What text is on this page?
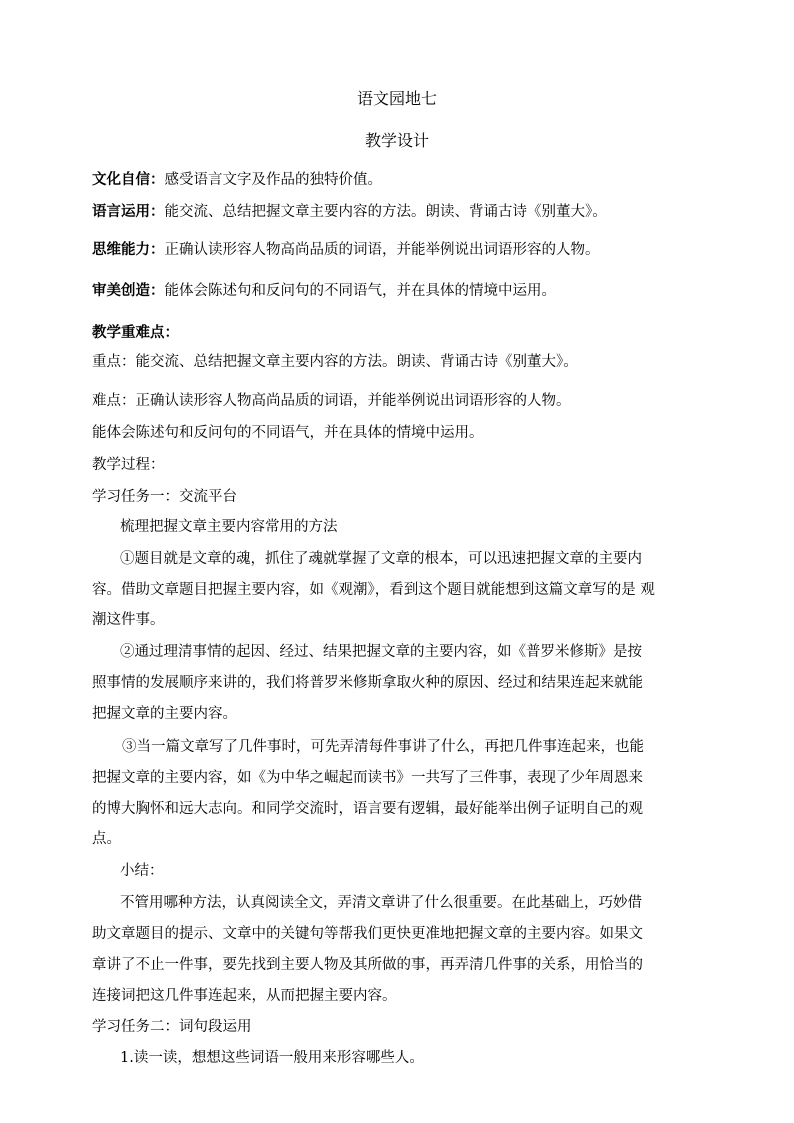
语文园地七
教学设计
文化自信：感受语言文字及作品的独特价值。
语言运用：能交流、总结把握文章主要内容的方法。朗读、背诵古诗《别董大》。
思维能力：正确认读形容人物高尚品质的词语，并能举例说出词语形容的人物。
审美创造：能体会陈述句和反问句的不同语气，并在具体的情境中运用。
教学重难点：
重点：能交流、总结把握文章主要内容的方法。朗读、背诵古诗《别董大》。
难点：正确认读形容人物高尚品质的词语，并能举例说出词语形容的人物。
能体会陈述句和反问句的不同语气，并在具体的情境中运用。
教学过程：
学习任务一：交流平台
梳理把握文章主要内容常用的方法
①题目就是文章的魂，抓住了魂就掌握了文章的根本，可以迅速把握文章的主要内
容。借助文章题目把握主要内容，如《观潮》，看到这个题目就能想到这篇文章写的是 观
潮这件事。
②通过理清事情的起因、经过、结果把握文章的主要内容，如《普罗米修斯》是按
照事情的发展顺序来讲的，我们将普罗米修斯拿取火种的原因、经过和结果连起来就能
把握文章的主要内容。
③当一篇文章写了几件事时，可先弄清每件事讲了什么，再把几件事连起来，也能
把握文章的主要内容，如《为中华之崛起而读书》一共写了三件事，表现了少年周恩来
的博大胸怀和远大志向。和同学交流时，语言要有逻辑，最好能举出例子证明自己的观
点。
小结：
不管用哪种方法，认真阅读全文，弄清文章讲了什么很重要。在此基础上，巧妙借
助文章题目的提示、文章中的关键句等帮我们更快更准地把握文章的主要内容。如果文
章讲了不止一件事，要先找到主要人物及其所做的事，再弄清几件事的关系，用恰当的
连接词把这几件事连起来，从而把握主要内容。
学习任务二：词句段运用
1.读一读，想想这些词语一般用来形容哪些人。
